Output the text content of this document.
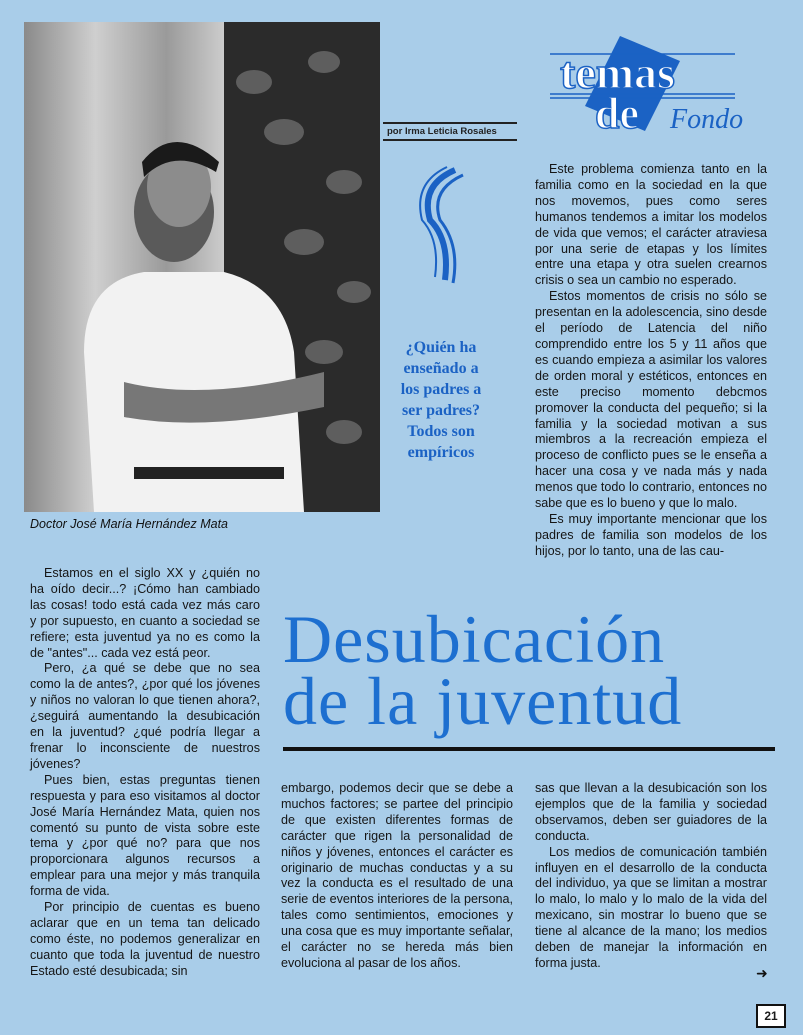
Doctor José María Hernández Mata
por Irma Leticia Rosales
temas
de Fondo
¿Quién ha enseñado a los padres a ser padres? Todos son empíricos

Estamos en el siglo XX y ¿quién no ha oído decir...? ¡Cómo han cambiado las cosas! todo está cada vez más caro y por supuesto, en cuanto a sociedad se refiere; esta juventud ya no es como la de "antes"... cada vez está peor.

Pero, ¿a qué se debe que no sea como la de antes?, ¿por qué los jóvenes y niños no valoran lo que tienen ahora?, ¿seguirá aumentando la desubicación en la juventud? ¿qué podría llegar a frenar lo inconsciente de nuestros jóvenes?

Pues bien, estas preguntas tienen respuesta y para eso visitamos al doctor José María Hernández Mata, quien nos comentó su punto de vista sobre este tema y ¿por qué no? para que nos proporcionara algunos recursos a emplear para una mejor y más tranquila forma de vida.

Por principio de cuentas es bueno aclarar que en un tema tan delicado como éste, no podemos generalizar en cuanto que toda la juventud de nuestro Estado esté desubicada; sin

Desubicación
de la juventud

embargo, podemos decir que se debe a muchos factores; se partee del principio de que existen diferentes formas de carácter que rigen la personalidad de niños y jóvenes, entonces el carácter es originario de muchas conductas y a su vez la conducta es el resultado de una serie de eventos interiores de la persona, tales como sentimientos, emociones y una cosa que es muy importante señalar, el carácter no se hereda más bien evoluciona al pasar de los años.

Este problema comienza tanto en la familia como en la sociedad en la que nos movemos, pues como seres humanos tendemos a imitar los modelos de vida que vemos; el carácter atraviesa por una serie de etapas y los límites entre una etapa y otra suelen crearnos crisis o sea un cambio no esperado.

Estos momentos de crisis no sólo se presentan en la adolescencia, sino desde el período de Latencia del niño comprendido entre los 5 y 11 años que es cuando empieza a asimilar los valores de orden moral y estéticos, entonces en este preciso momento debcmos promover la conducta del pequeño; si la familia y la sociedad motivan a sus miembros a la recreación empieza el proceso de conflicto pues se le enseña a hacer una cosa y ve nada más y nada menos que todo lo contrario, entonces no sabe que es lo bueno y que lo malo.

Es muy importante mencionar que los padres de familia son modelos de los hijos, por lo tanto, una de las cau-

sas que llevan a la desubicación son los ejemplos que de la familia y sociedad observamos, deben ser guiadores de la conducta.

Los medios de comunicación también influyen en el desarrollo de la conducta del individuo, ya que se limitan a mostrar lo malo, lo malo y lo malo de la vida del mexicano, sin mostrar lo bueno que se tiene al alcance de la mano; los medios deben de manejar la información en forma justa.

➜
21
